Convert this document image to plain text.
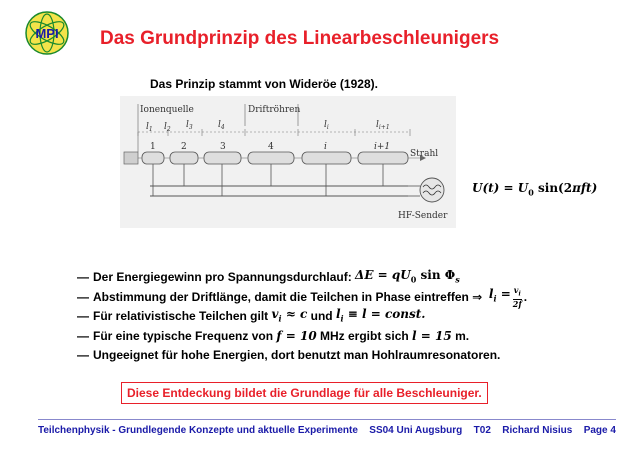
MPI Das Grundprinzip des Linearbeschleunigers
Das Prinzip stammt von Wideröe (1928).
Ionenquelle	Driftröhren
$l_1$ $l_2$ $l_3$	$l_4$	$l_i$	$l_{i+1}$
1	2	3	4	i	i+1
Strahl
HF-Sender
$U(t) = U_0$ sin(2πft)
— Der Energiegewinn pro Spannungsdurchlauf:
$\Delta E = qU_0$ $\sin \Phi_s$
— Abstimmung der Driftlänge, damit die Teilchen in Phase eintreffen ⇒
$l_i = \frac{v_i}{2f}$ .
— Für relativistische Teilchen gilt
$v_i \approx c$
und
$l_i \equiv l$ = const.
— Für eine typische Frequenz von
f = 10
MHz ergibt sich
l = 15
m.
— Ungeeignet für hohe Energien, dort benutzt man Hohlraumresonatoren.
Diese Entdeckung bildet die Grundlage für alle Beschleuniger.
Teilchenphysik - Grundlegende Konzepte und aktuelle Experimente SS04 Uni Augsburg T02 Richard Nisius Page 4
